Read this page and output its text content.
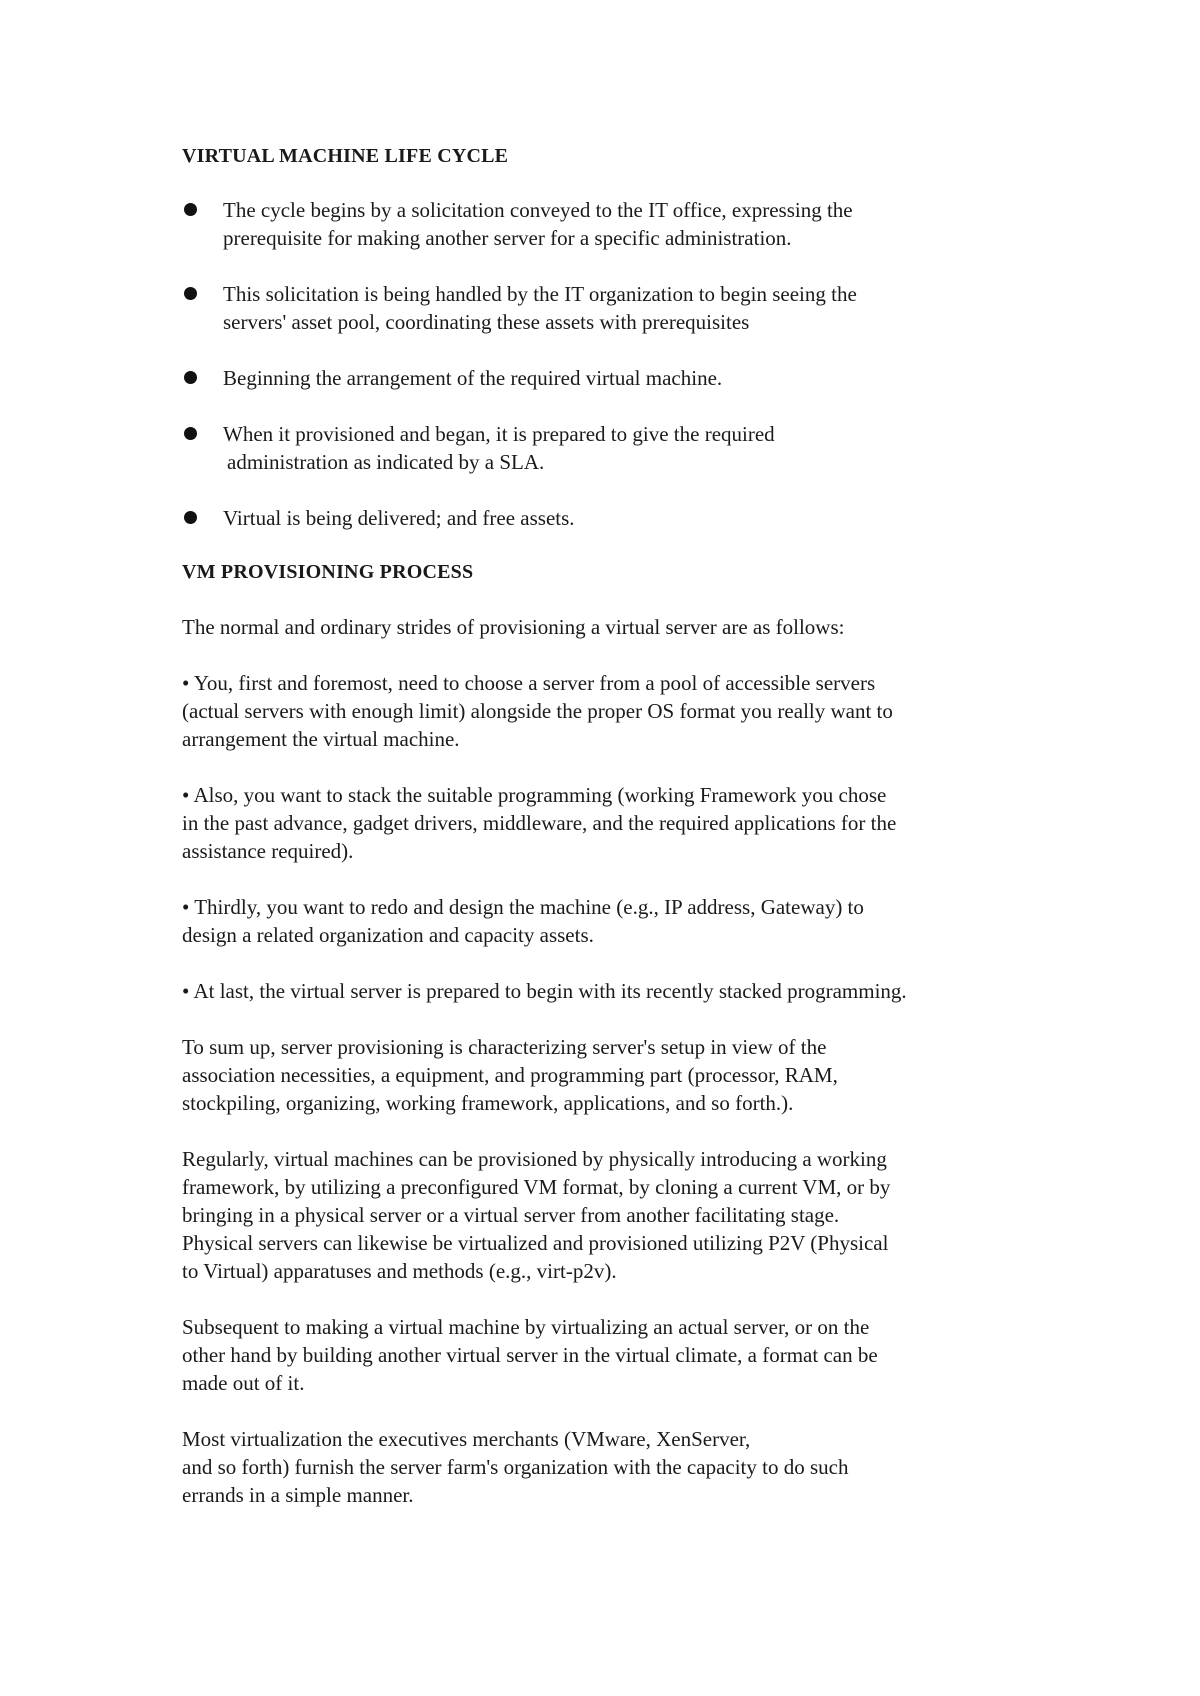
VIRTUAL MACHINE LIFE CYCLE
The cycle begins by a solicitation conveyed to the IT office, expressing the
prerequisite for making another server for a specific administration.
This solicitation is being handled by the IT organization to begin seeing the
servers' asset pool, coordinating these assets with prerequisites
Beginning the arrangement of the required virtual machine.
When it provisioned and began, it is prepared to give the required
administration as indicated by a SLA.
Virtual is being delivered; and free assets.
VM PROVISIONING PROCESS

The normal and ordinary strides of provisioning a virtual server are as follows:

• You, first and foremost, need to choose a server from a pool of accessible servers
(actual servers with enough limit) alongside the proper OS format you really want to
arrangement the virtual machine.

• Also, you want to stack the suitable programming (working Framework you chose
in the past advance, gadget drivers, middleware, and the required applications for the
assistance required).

• Thirdly, you want to redo and design the machine (e.g., IP address, Gateway) to
design a related organization and capacity assets.

• At last, the virtual server is prepared to begin with its recently stacked programming.

To sum up, server provisioning is characterizing server's setup in view of the
association necessities, a equipment, and programming part (processor, RAM,
stockpiling, organizing, working framework, applications, and so forth.).

Regularly, virtual machines can be provisioned by physically introducing a working
framework, by utilizing a preconfigured VM format, by cloning a current VM, or by
bringing in a physical server or a virtual server from another facilitating stage.
Physical servers can likewise be virtualized and provisioned utilizing P2V (Physical
to Virtual) apparatuses and methods (e.g., virt-p2v).

Subsequent to making a virtual machine by virtualizing an actual server, or on the
other hand by building another virtual server in the virtual climate, a format can be
made out of it.

Most virtualization the executives merchants (VMware, XenServer,
and so forth) furnish the server farm's organization with the capacity to do such
errands in a simple manner.
